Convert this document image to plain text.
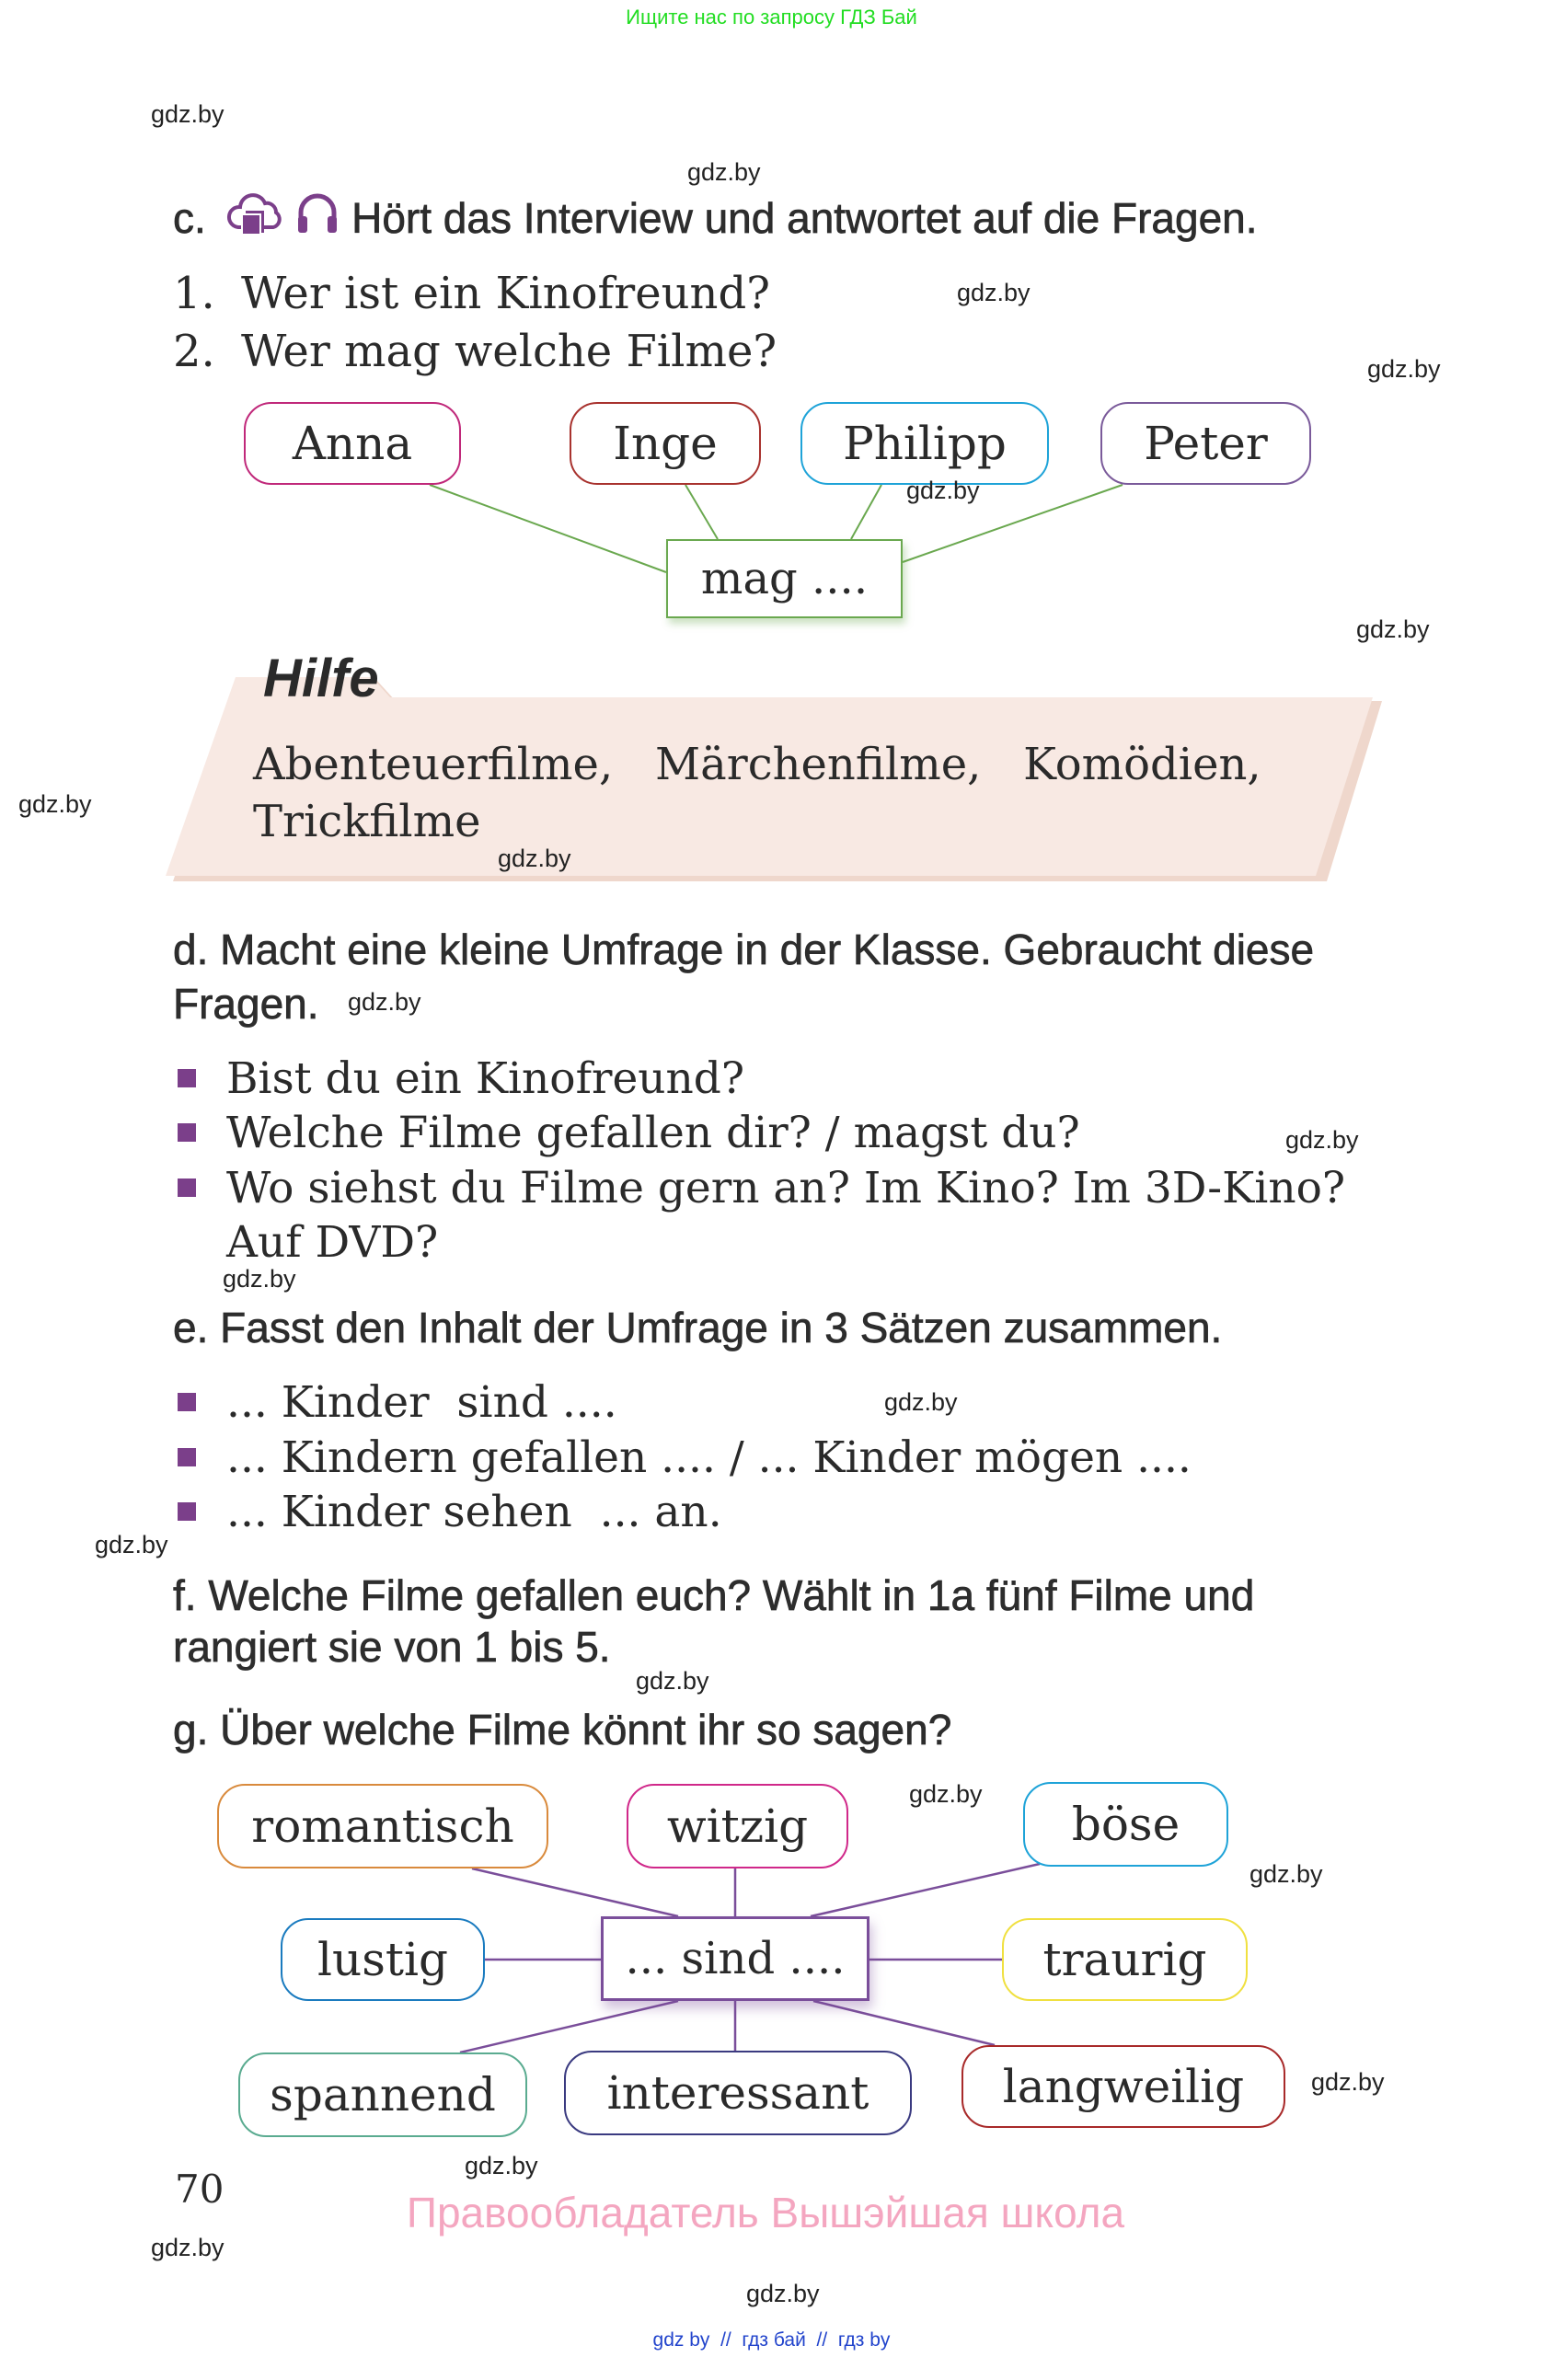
Ищите нас по запросу ГДЗ Бай
gdz.by
gdz.by
gdz.by
gdz.by
gdz.by
gdz.by
gdz.by
gdz.by
gdz.by
gdz.by
gdz.by
gdz.by
gdz.by
gdz.by
gdz.by
gdz.by
gdz.by
gdz.by
gdz.by
gdz.by
c.	Hört das Interview und antwortet auf die Fragen.
1. Wer ist ein Kinofreund?
2. Wer mag welche Filme?
Anna	Inge	Philipp	Peter
mag ....
Hilfe
Abenteuerfilme,   Märchenfilme,   Komödien,
Trickfilme
d. Macht eine kleine Umfrage in der Klasse. Gebraucht diese
Fragen.
Bist du ein Kinofreund?
Welche Filme gefallen dir? / magst du?
Wo siehst du Filme gern an? Im Kino? Im 3D-Kino?
Auf DVD?
e. Fasst den Inhalt der Umfrage in 3 Sätzen zusammen.
... Kinder  sind ....
... Kindern gefallen .... / ... Kinder mögen ....
... Kinder sehen  ... an.
f. Welche Filme gefallen euch? Wählt in 1a fünf Filme und
rangiert sie von 1 bis 5.
g. Über welche Filme könnt ihr so sagen?
romantisch	witzig	böse
lustig	... sind ....	traurig
spannend	interessant	langweilig
70	Правообладатель Вышэйшая школа
gdz by  //  гдз бай  //  гдз by
